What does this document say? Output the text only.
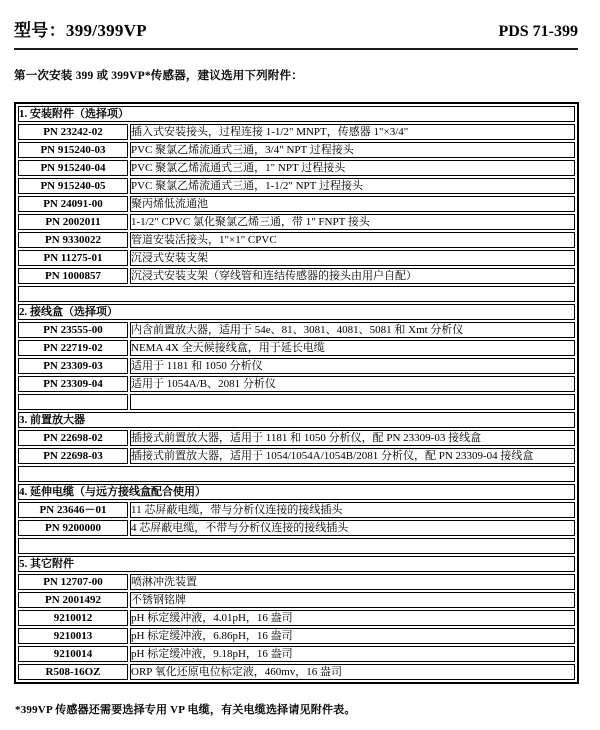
型号：399/399VP	PDS 71-399

第一次安装 399 或 399VP*传感器，建议选用下列附件：

1. 安装附件（选择项）	
PN 23242-02	插入式安装接头，过程连接 1-1/2" MNPT，传感器 1"×3/4"
PN 915240-03	PVC 聚氯乙烯流通式三通，3/4" NPT 过程接头
PN 915240-04	PVC 聚氯乙烯流通式三通，1" NPT 过程接头
PN 915240-05	PVC 聚氯乙烯流通式三通，1-1/2" NPT 过程接头
PN 24091-00	聚丙烯低流通池
PN 2002011	1-1/2" CPVC 氯化聚氯乙烯三通，带 1" FNPT 接头
PN 9330022	管道安装活接头，1"×1" CPVC
PN 11275-01	沉浸式安装支架
PN 1000857	沉浸式安装支架（穿线管和连结传感器的接头由用户自配）

2. 接线盒（选择项）	
PN 23555-00	内含前置放大器，适用于 54e、81、3081、4081、5081 和 Xmt 分析仪
PN 22719-02	NEMA 4X 全天候接线盒，用于延长电缆
PN 23309-03	适用于 1181 和 1050 分析仪
PN 23309-04	适用于 1054A/B、2081 分析仪

3. 前置放大器	
PN 22698-02	插接式前置放大器，适用于 1181 和 1050 分析仪，配 PN 23309-03 接线盒
PN 22698-03	插接式前置放大器，适用于 1054/1054A/1054B/2081 分析仪，配 PN 23309-04 接线盒

4. 延伸电缆（与远方接线盒配合使用）	
PN 23646－01	11 芯屏蔽电缆，带与分析仪连接的接线插头
PN 9200000	4 芯屏蔽电缆，不带与分析仪连接的接线插头

5. 其它附件	
PN 12707-00	喷淋冲洗装置
PN 2001492	不锈钢铭牌
9210012	pH 标定缓冲液，4.01pH，16 盎司
9210013	pH 标定缓冲液，6.86pH，16 盎司
9210014	pH 标定缓冲液，9.18pH，16 盎司
R508-16OZ	ORP 氧化还原电位标定液，460mv，16 盎司

*399VP 传感器还需要选择专用 VP 电缆，有关电缆选择请见附件表。
